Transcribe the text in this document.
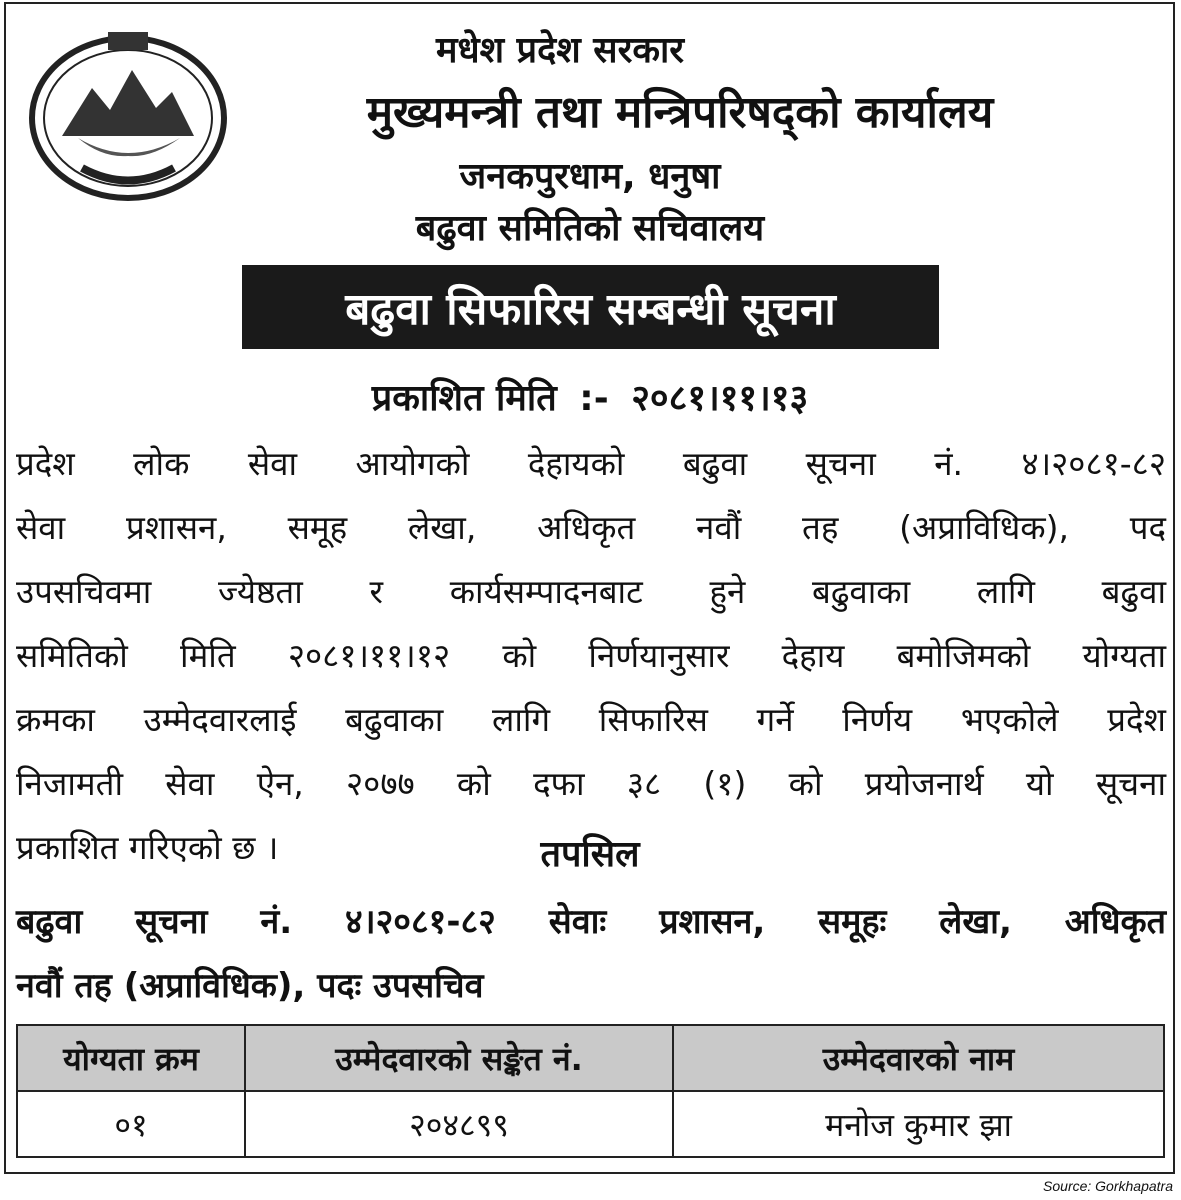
मधेश प्रदेश सरकार
मुख्यमन्त्री तथा मन्त्रिपरिषद्को कार्यालय
जनकपुरधाम, धनुषा
बढुवा समितिको सचिवालय
बढुवा सिफारिस सम्बन्धी सूचना
प्रकाशित मिति :- २०८१।११।१३
प्रदेश लोक सेवा आयोगको देहायको बढुवा सूचना नं. ४।२०८१-८२
सेवा प्रशासन, समूह लेखा, अधिकृत नवौं तह (अप्राविधिक), पद
उपसचिवमा ज्येष्ठता र कार्यसम्पादनबाट हुने बढुवाका लागि बढुवा
समितिको मिति २०८१।११।१२ को निर्णयानुसार देहाय बमोजिमको योग्यता
क्रमका उम्मेदवारलाई बढुवाका लागि सिफारिस गर्ने निर्णय भएकोले प्रदेश
निजामती सेवा ऐन, २०७७ को दफा ३८ (१) को प्रयोजनार्थ यो सूचना
प्रकाशित गरिएको छ ।	तपसिल
बढुवा सूचना नं. ४।२०८१-८२ सेवाः प्रशासन, समूहः लेखा, अधिकृत
नवौं तह (अप्राविधिक), पदः उपसचिव
योग्यता क्रम	उम्मेदवारको सङ्केत नं.	उम्मेदवारको नाम
०१	२०४८९९	मनोज कुमार झा
Source: Gorkhapatra
